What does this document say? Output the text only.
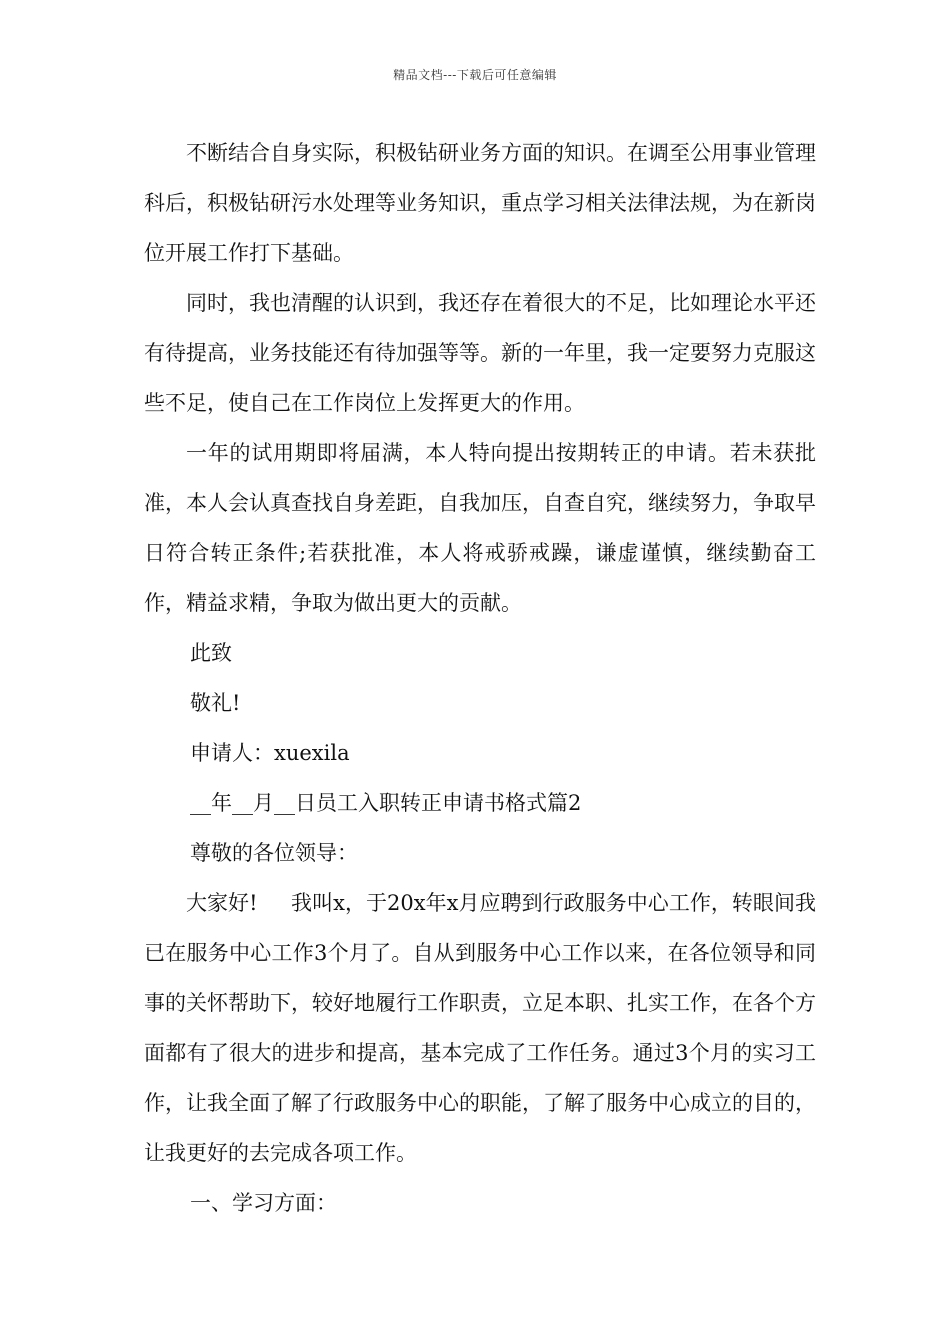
精品文档---下载后可任意编辑

不断结合自身实际，积极钻研业务方面的知识。在调至公用事业管理科后，积极钻研污水处理等业务知识，重点学习相关法律法规，为在新岗位开展工作打下基础。

同时，我也清醒的认识到，我还存在着很大的不足，比如理论水平还有待提高，业务技能还有待加强等等。新的一年里，我一定要努力克服这些不足，使自己在工作岗位上发挥更大的作用。

一年的试用期即将届满，本人特向提出按期转正的申请。若未获批准，本人会认真查找自身差距，自我加压，自查自究，继续努力，争取早日符合转正条件;若获批准，本人将戒骄戒躁，谦虚谨慎，继续勤奋工作，精益求精，争取为做出更大的贡献。

此致

敬礼!

申请人：xuexila

__年__月__日员工入职转正申请书格式篇2

尊敬的各位领导：

大家好!     我叫x，于20x年x月应聘到行政服务中心工作，转眼间我已在服务中心工作3个月了。自从到服务中心工作以来，在各位领导和同事的关怀帮助下，较好地履行工作职责，立足本职、扎实工作，在各个方面都有了很大的进步和提高，基本完成了工作任务。通过3个月的实习工作，让我全面了解了行政服务中心的职能，了解了服务中心成立的目的，让我更好的去完成各项工作。

一、学习方面：
